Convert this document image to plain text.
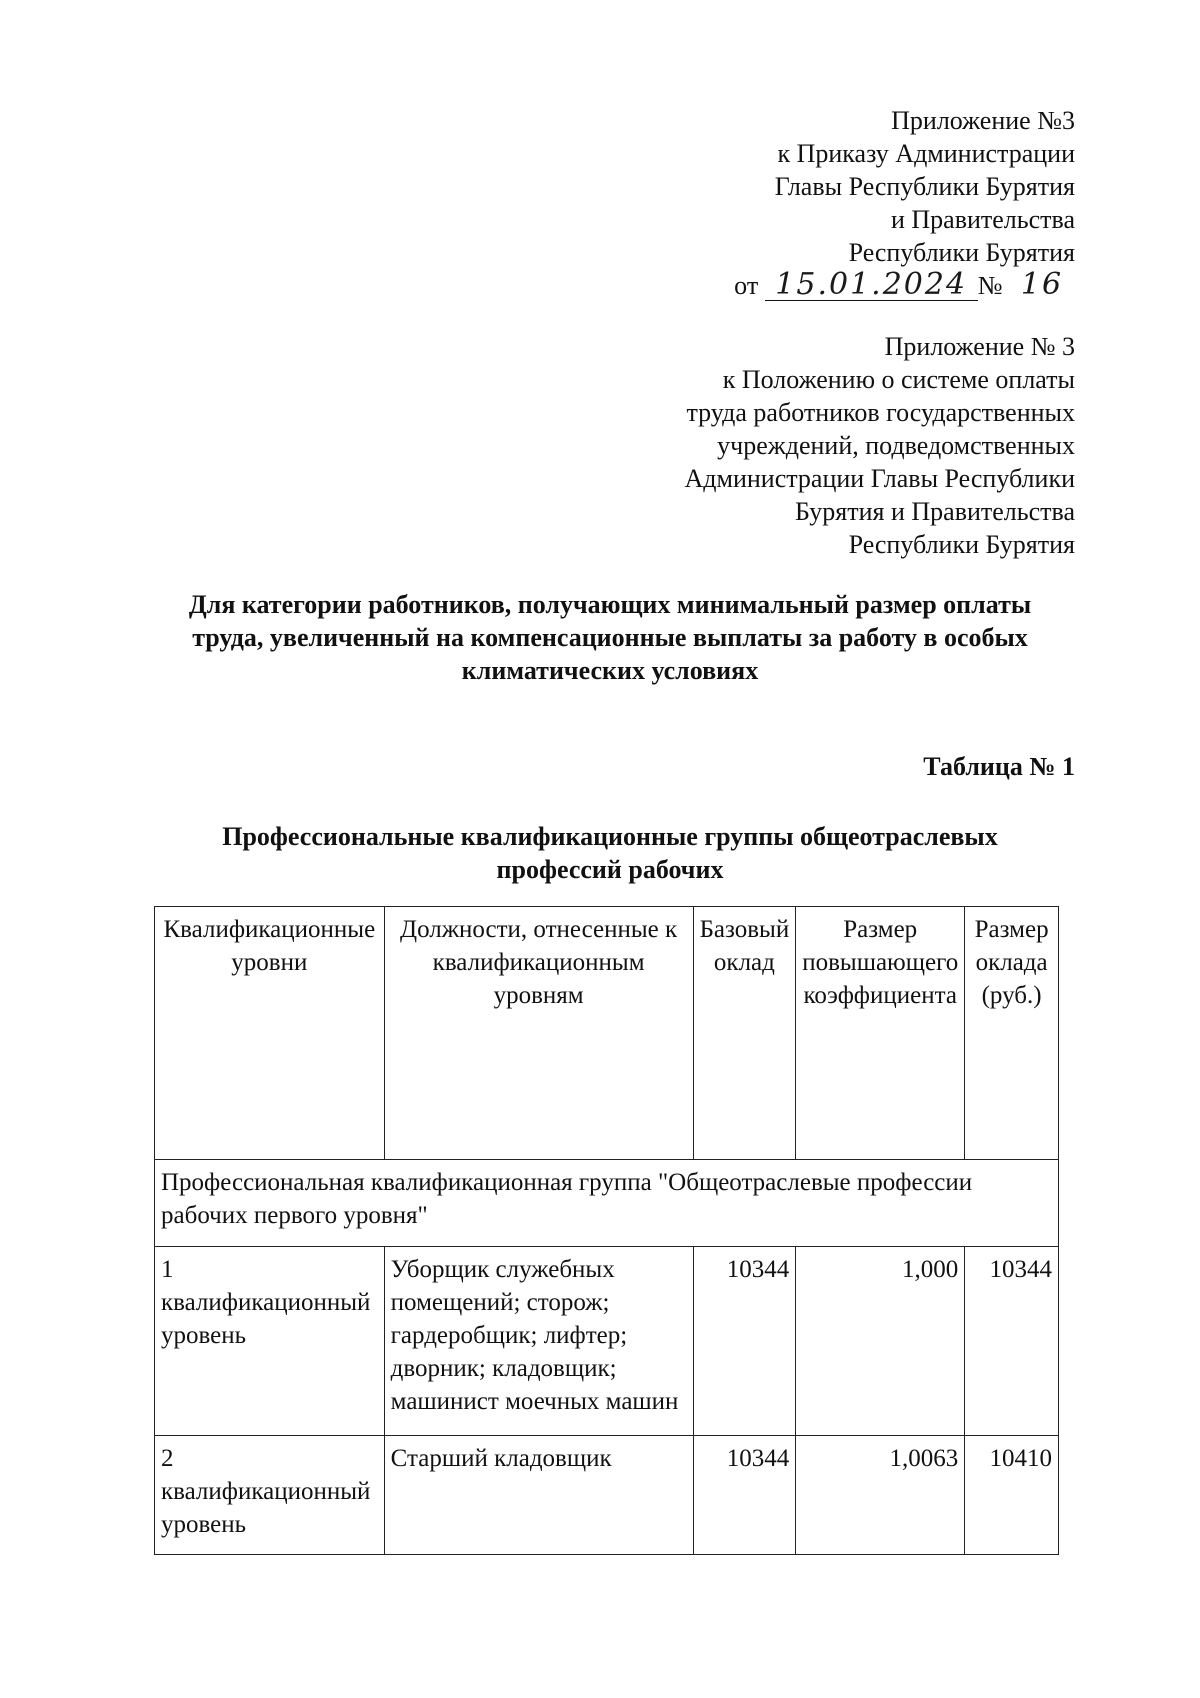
Приложение №3
к Приказу Администрации
Главы Республики Бурятия
и Правительства
Республики Бурятия
от 15.01.2024 № 16
Приложение № 3
к Положению о системе оплаты
труда работников государственных
учреждений, подведомственных
Администрации Главы Республики
Бурятия и Правительства
Республики Бурятия
Для категории работников, получающих минимальный размер оплаты
труда, увеличенный на компенсационные выплаты за работу в особых
климатических условиях
Таблица № 1
Профессиональные квалификационные группы общеотраслевых
профессий рабочих
Квалификационные уровни	Должности, отнесенные к квалификационным уровням	Базовый оклад	Размер повышающего коэффициента	Размер оклада (руб.)
Профессиональная квалификационная группа "Общеотраслевые профессии рабочих первого уровня"				
1 квалификационный уровень	Уборщик служебных помещений; сторож; гардеробщик; лифтер; дворник; кладовщик; машинист моечных машин	10344	1,000	10344
2 квалификационный уровень	Старший кладовщик	10344	1,0063	10410
